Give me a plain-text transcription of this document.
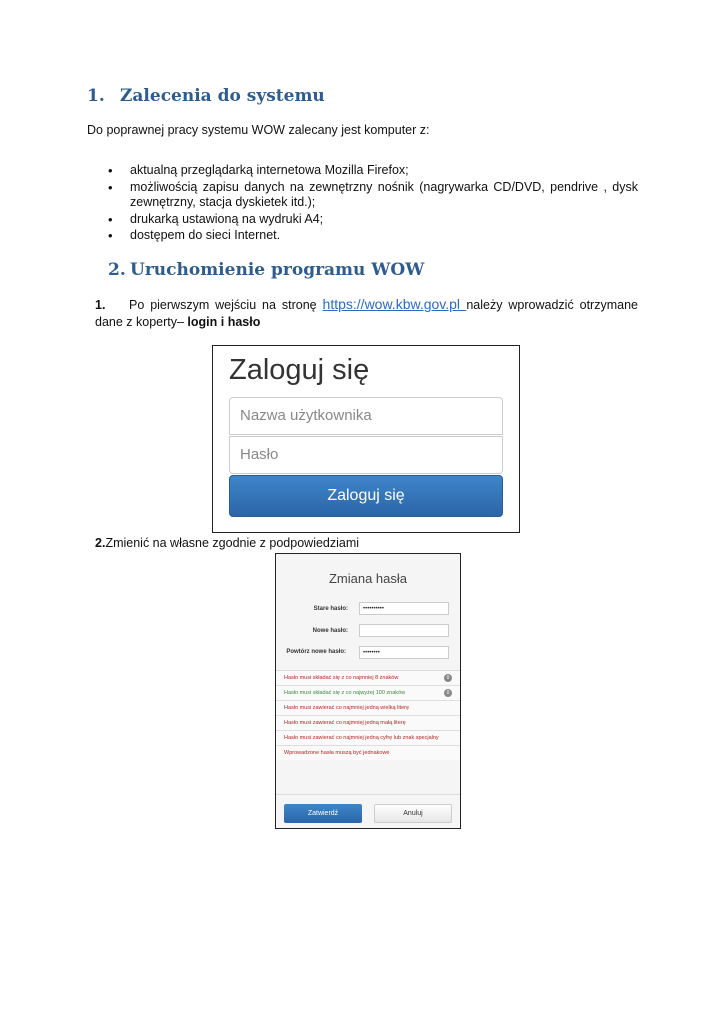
1. Zalecenia do systemu

Do poprawnej pracy systemu WOW zalecany jest komputer z:

• aktualną przeglądarką internetowa Mozilla Firefox;
• możliwością zapisu danych na zewnętrzny nośnik (nagrywarka CD/DVD, pendrive , dysk zewnętrzny, stacja dyskietek itd.);
• drukarką ustawioną na wydruki A4;
• dostępem do sieci Internet.
2. Uruchomienie programu WOW
1. Po pierwszym wejściu na stronę https://wow.kbw.gov.pl należy wprowadzić otrzymane dane z koperty– login i hasło
Zaloguj się
Nazwa użytkownika
Hasło
Zaloguj się
2.Zmienić na własne zgodnie z podpowiedziami
Zmiana hasła
Stare hasło:	••••••••••
Nowe hasło:
Powtórz nowe hasło:	••••••••
Hasło musi składać się z co najmniej 8 znaków	0
Hasło musi składać się z co najwyżej 100 znaków	0
Hasło musi zawierać co najmniej jedną wielką literę
Hasło musi zawierać co najmniej jedną małą literę
Hasło musi zawierać co najmniej jedną cyfrę lub znak specjalny
Wprowadzone hasła muszą być jednakowe
Zatwierdź	Anuluj
